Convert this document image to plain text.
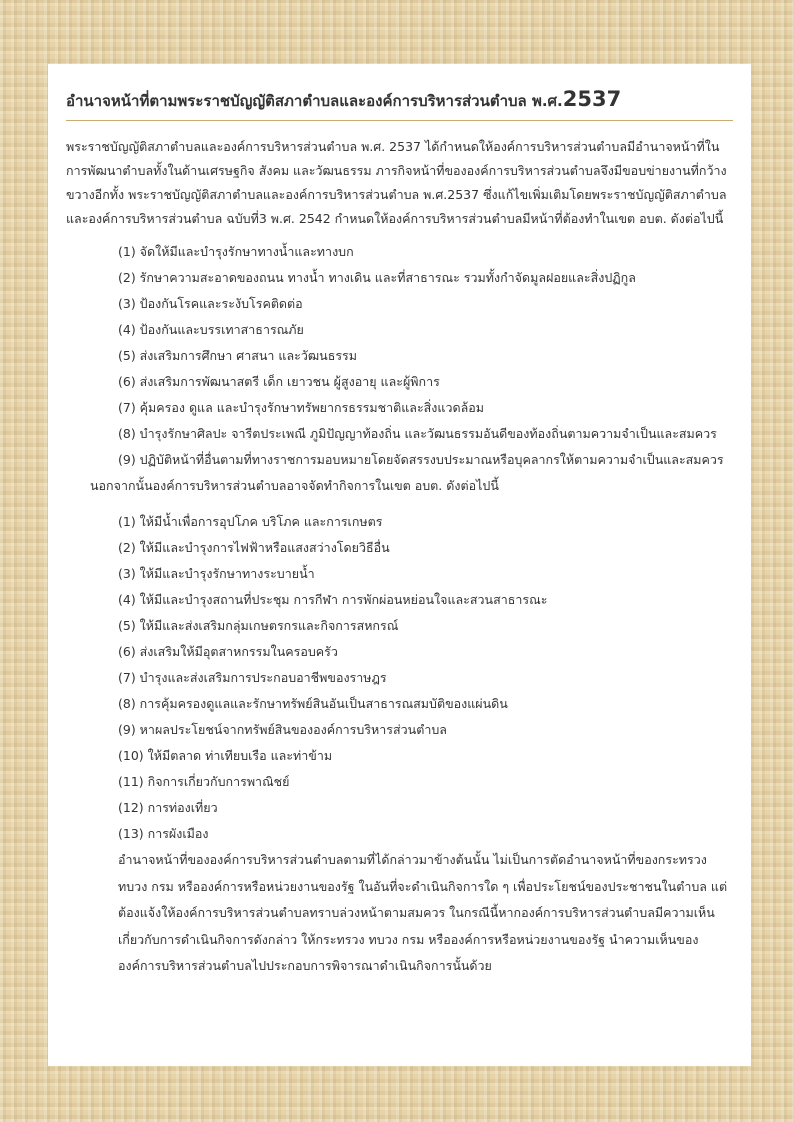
อำนาจหน้าที่ตามพระราชบัญญัติสภาตำบลและองค์การบริหารส่วนตำบล พ.ศ.2537

พระราชบัญญัติสภาตำบลและองค์การบริหารส่วนตำบล พ.ศ. 2537 ได้กำหนดให้องค์การบริหารส่วนตำบลมีอำนาจหน้าที่ในการพัฒนาตำบลทั้งในด้านเศรษฐกิจ สังคม และวัฒนธรรม ภารกิจหน้าที่ขององค์การบริหารส่วนตำบลจึงมีขอบข่ายงานที่กว้างขวางอีกทั้ง พระราชบัญญัติสภาตำบลและองค์การบริหารส่วนตำบล พ.ศ.2537 ซึ่งแก้ไขเพิ่มเติมโดยพระราชบัญญัติสภาตำบลและองค์การบริหารส่วนตำบล ฉบับที่3 พ.ศ. 2542 กำหนดให้องค์การบริหารส่วนตำบลมีหน้าที่ต้องทำในเขต อบต. ดังต่อไปนี้

(1) จัดให้มีและบำรุงรักษาทางน้ำและทางบก
(2) รักษาความสะอาดของถนน ทางน้ำ ทางเดิน และที่สาธารณะ รวมทั้งกำจัดมูลฝอยและสิ่งปฏิกูล
(3) ป้องกันโรคและระงับโรคติดต่อ
(4) ป้องกันและบรรเทาสาธารณภัย
(5) ส่งเสริมการศึกษา ศาสนา และวัฒนธรรม
(6) ส่งเสริมการพัฒนาสตรี เด็ก เยาวชน ผู้สูงอายุ และผู้พิการ
(7) คุ้มครอง ดูแล และบำรุงรักษาทรัพยากรธรรมชาติและสิ่งแวดล้อม
(8) บำรุงรักษาศิลปะ จารีตประเพณี ภูมิปัญญาท้องถิ่น และวัฒนธรรมอันดีของท้องถิ่นตามความจำเป็นและสมควร
(9) ปฏิบัติหน้าที่อื่นตามที่ทางราชการมอบหมายโดยจัดสรรงบประมาณหรือบุคลากรให้ตามความจำเป็นและสมควร

นอกจากนั้นองค์การบริหารส่วนตำบลอาจจัดทำกิจการในเขต อบต. ดังต่อไปนี้

(1) ให้มีน้ำเพื่อการอุปโภค บริโภค และการเกษตร
(2) ให้มีและบำรุงการไฟฟ้าหรือแสงสว่างโดยวิธีอื่น
(3) ให้มีและบำรุงรักษาทางระบายน้ำ
(4) ให้มีและบำรุงสถานที่ประชุม การกีฬา การพักผ่อนหย่อนใจและสวนสาธารณะ
(5) ให้มีและส่งเสริมกลุ่มเกษตรกรและกิจการสหกรณ์
(6) ส่งเสริมให้มีอุตสาหกรรมในครอบครัว
(7) บำรุงและส่งเสริมการประกอบอาชีพของราษฎร
(8) การคุ้มครองดูแลและรักษาทรัพย์สินอันเป็นสาธารณสมบัติของแผ่นดิน
(9) หาผลประโยชน์จากทรัพย์สินขององค์การบริหารส่วนตำบล
(10) ให้มีตลาด ท่าเทียบเรือ และท่าข้าม
(11) กิจการเกี่ยวกับการพาณิชย์
(12) การท่องเที่ยว
(13) การผังเมือง

อำนาจหน้าที่ขององค์การบริหารส่วนตำบลตามที่ได้กล่าวมาข้างต้นนั้น ไม่เป็นการตัดอำนาจหน้าที่ของกระทรวง ทบวง กรม หรือองค์การหรือหน่วยงานของรัฐ ในอันที่จะดำเนินกิจการใด ๆ เพื่อประโยชน์ของประชาชนในตำบล แต่ต้องแจ้งให้องค์การบริหารส่วนตำบลทราบล่วงหน้าตามสมควร ในกรณีนี้หากองค์การบริหารส่วนตำบลมีความเห็นเกี่ยวกับการดำเนินกิจการดังกล่าว ให้กระทรวง ทบวง กรม หรือองค์การหรือหน่วยงานของรัฐ นำความเห็นขององค์การบริหารส่วนตำบลไปประกอบการพิจารณาดำเนินกิจการนั้นด้วย
